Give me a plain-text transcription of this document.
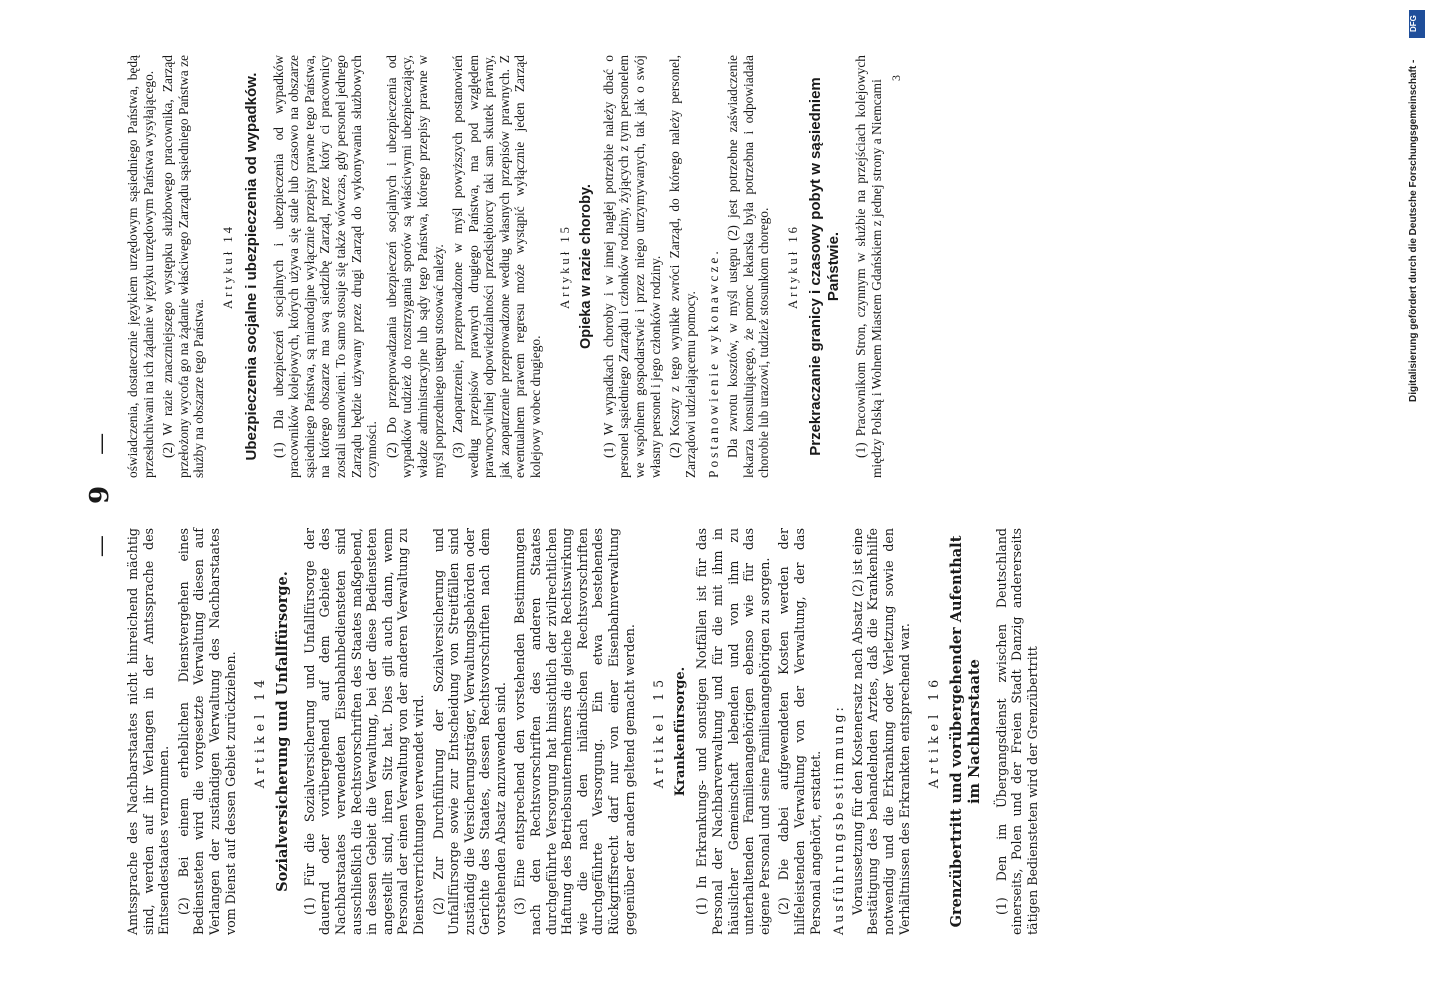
— 9 —

Amtssprache des Nachbarstaates nicht hinreichend mächtig sind, werden auf ihr Verlangen in der Amtssprache des Entsendestaates vernommen. (2) Bei einem erheblichen Dienstvergehen eines Bediensteten wird die vorgesetzte Verwaltung diesen auf Verlangen der zuständigen Verwaltung des Nachbarstaates vom Dienst auf dessen Gebiet zurückziehen. Artikel 14 Sozialversicherung und Unfallfürsorge. (1) Für die Sozialversicherung und Unfallfürsorge der dauernd oder vorübergehend auf dem Gebiete des Nachbarstaates verwendeten Eisenbahnbediensteten sind ausschließlich die Rechtsvorschriften des Staates maßgebend, in dessen Gebiet die Verwaltung, bei der diese Bediensteten angestellt sind, ihren Sitz hat. Dies gilt auch dann, wenn Personal der einen Verwaltung von der anderen Verwaltung zu Dienstverrichtungen verwendet wird. (2) Zur Durchführung der Sozialversicherung und Unfallfürsorge sowie zur Entscheidung von Streitfällen sind zuständig die Versicherungsträger, Verwaltungsbehörden oder Gerichte des Staates, dessen Rechtsvorschriften nach dem vorstehenden Absatz anzuwenden sind. (3) Eine entsprechend den vorstehenden Bestimmungen nach den Rechtsvorschriften des anderen Staates durchgeführte Versorgung hat hinsichtlich der zivilrechtlichen Haftung des Betriebsunternehmers die gleiche Rechtswirkung wie die nach den inländischen Rechtsvorschriften durchgeführte Versorgung. Ein etwa bestehendes Rückgriffsrecht darf nur von einer Eisenbahnverwaltung gegenüber der andern geltend gemacht werden. Artikel 15 Krankenfürsorge. (1) In Erkrankungs- und sonstigen Notfällen ist für das Personal der Nachbarverwaltung und für die mit ihm in häuslicher Gemeinschaft lebenden und von ihm zu unterhaltenden Familienangehörigen ebenso wie für das eigene Personal und seine Familienangehörigen zu sorgen. (2) Die dabei aufgewendeten Kosten werden der hilfeleistenden Verwaltung von der Verwaltung, der das Personal angehört, erstattet. Ausführungsbestimmung: Voraussetzung für den Kostenersatz nach Absatz (2) ist eine Bestätigung des behandelnden Arztes, daß die Krankenhilfe notwendig und die Erkrankung oder Verletzung sowie den Verhältnissen des Erkrankten entsprechend war. Artikel 16 Grenzübertritt und vorübergehender Aufenthalt im Nachbarstaate (1) Den im Übergangsdienst zwischen Deutschland einerseits, Polen und der Freien Stadt Danzig andererseits tätigen Bediensteten wird der Grenzübertritt

oświadczenia, dostatecznie językiem urzędowym sąsiedniego Państwa, będą przesłuchiwani na ich żądanie w języku urzędowym Państwa wysyłającego. (2) W razie znaczniejszego występku służbowego pracownika, Zarząd przełożony wycofa go na żądanie właściwego Zarządu sąsiedniego Państwa ze służby na obszarze tego Państwa.

Artykuł 14 Ubezpieczenia socjalne i ubezpieczenia od wypadków. (1) Dla ubezpieczeń socjalnych i ubezpieczenia od wypadków pracowników kolejowych, których używa się stale lub czasowo na obszarze sąsiedniego Państwa, są miarodajne wyłącznie przepisy prawne tego Państwa, na którego obszarze ma swą siedzibę Zarząd, przez który ci pracownicy zostali ustanowieni. To samo stosuje się także wówczas, gdy personel jednego Zarządu będzie używany przez drugi Zarząd do wykonywania służbowych czynności. (2) Do przeprowadzania ubezpieczeń socjalnych i ubezpieczenia od wypadków tudzież do rozstrzygania sporów są właściwymi ubezpieczający, władze administracyjne lub sądy tego Państwa, którego przepisy prawne w myśl poprzedniego ustępu stosować należy. (3) Zaopatrzenie, przeprowadzone w myśl powyższych postanowień według przepisów prawnych drugiego Państwa, ma pod względem prawnocywilnej odpowiedzialności przedsiębiorcy taki sam skutek prawny, jak zaopatrzenie przeprowadzone według własnych przepisów prawnych. Z ewentualnem prawem regresu może wystąpić wyłącznie jeden Zarząd kolejowy wobec drugiego.

Artykuł 15 Opieka w razie choroby. (1) W wypadkach choroby i w innej nagłej potrzebie należy dbać o personel sąsiedniego Zarządu i członków rodziny, żyjących z tym personelem we wspólnem gospodarstwie i przez niego utrzymywanych, tak jak o swój własny personel i jego członków rodziny. (2) Koszty z tego wynikłe zwróci Zarząd, do którego należy personel, Zarządowi udzielającemu pomocy. Postanowienie wykonawcze. Dla zwrotu kosztów, w myśl ustępu (2) jest potrzebne zaświadczenie lekarza konsultującego, że pomoc lekarska była potrzebna i odpowiadała chorobie lub urazowi, tudzież stosunkom chorego. Artykuł 16 Przekraczanie granicy i czasowy pobyt w sąsiedniem Państwie. (1) Pracownikom Stron, czynnym w służbie na przejściach kolejowych między Polską i Wolnem Miastem Gdańskiem z jednej strony a Niemcami

3
DFG
Digitalisierung gefördert durch die Deutsche Forschungsgemeinschaft -
